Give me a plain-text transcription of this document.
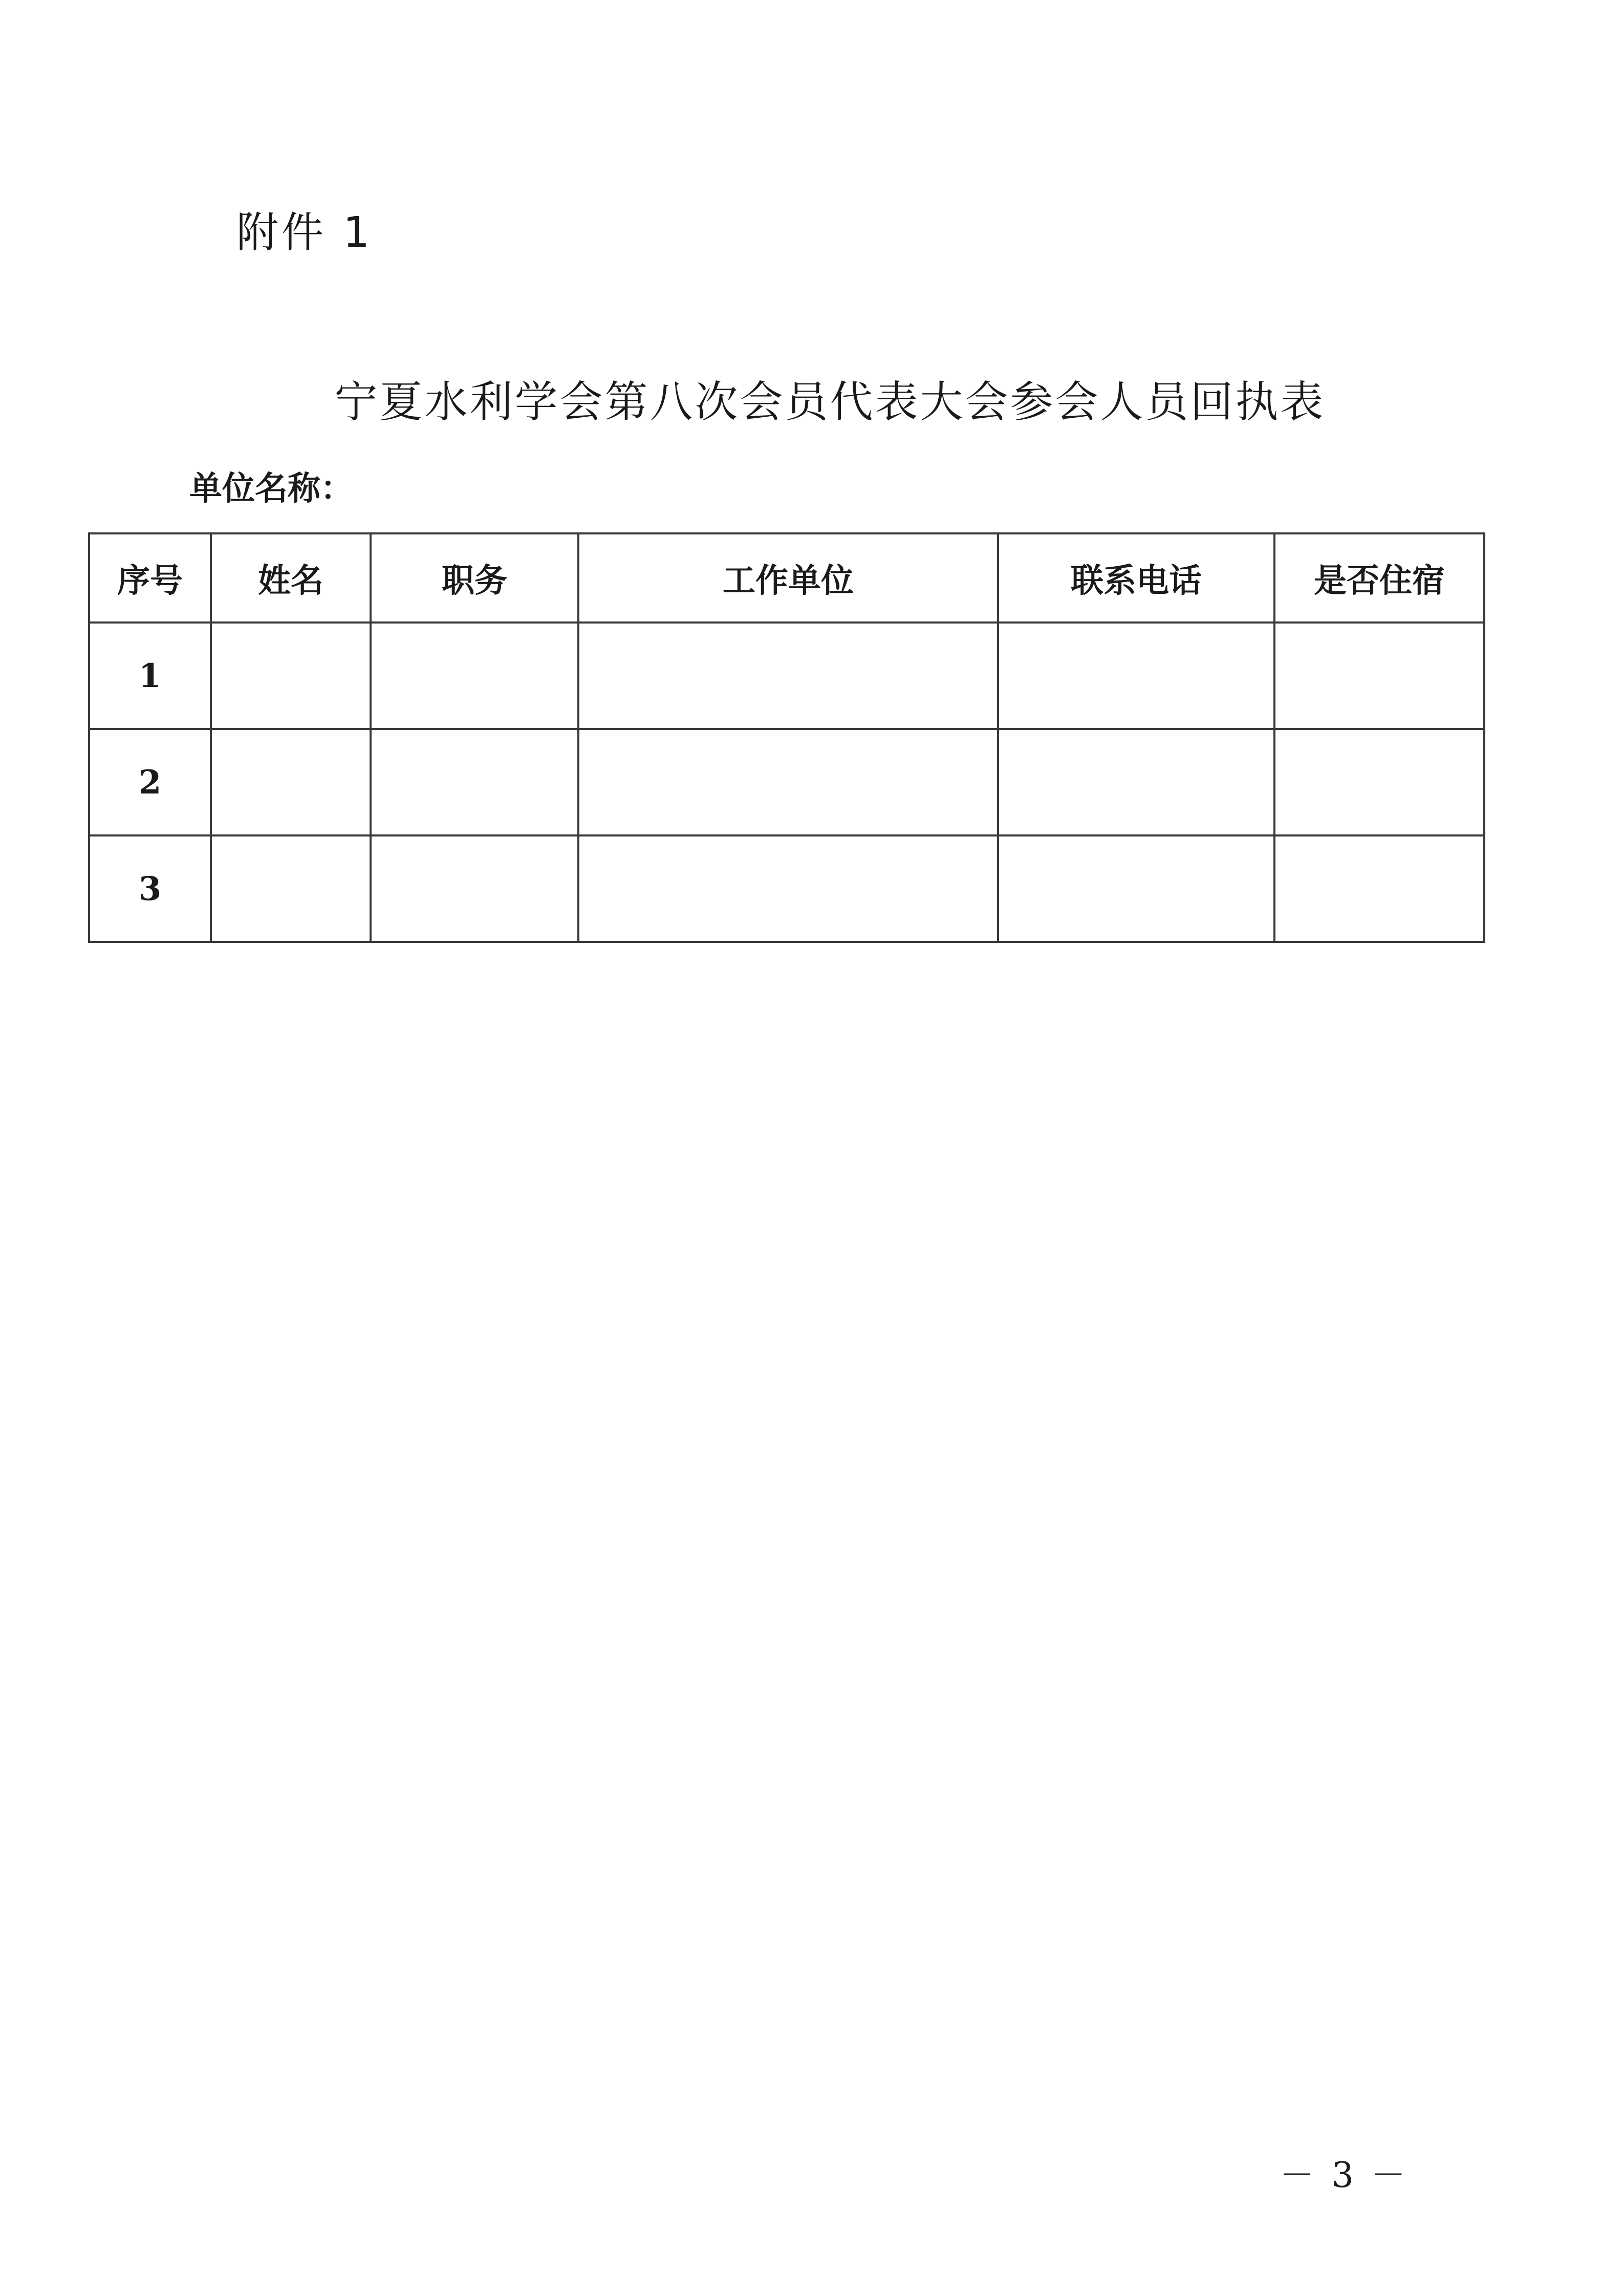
附件 1
宁夏水利学会第八次会员代表大会参会人员回执表
单位名称：
序号	姓名	职务	工作单位	联系电话	是否住宿
1					
2					
3					
－ 3 －
